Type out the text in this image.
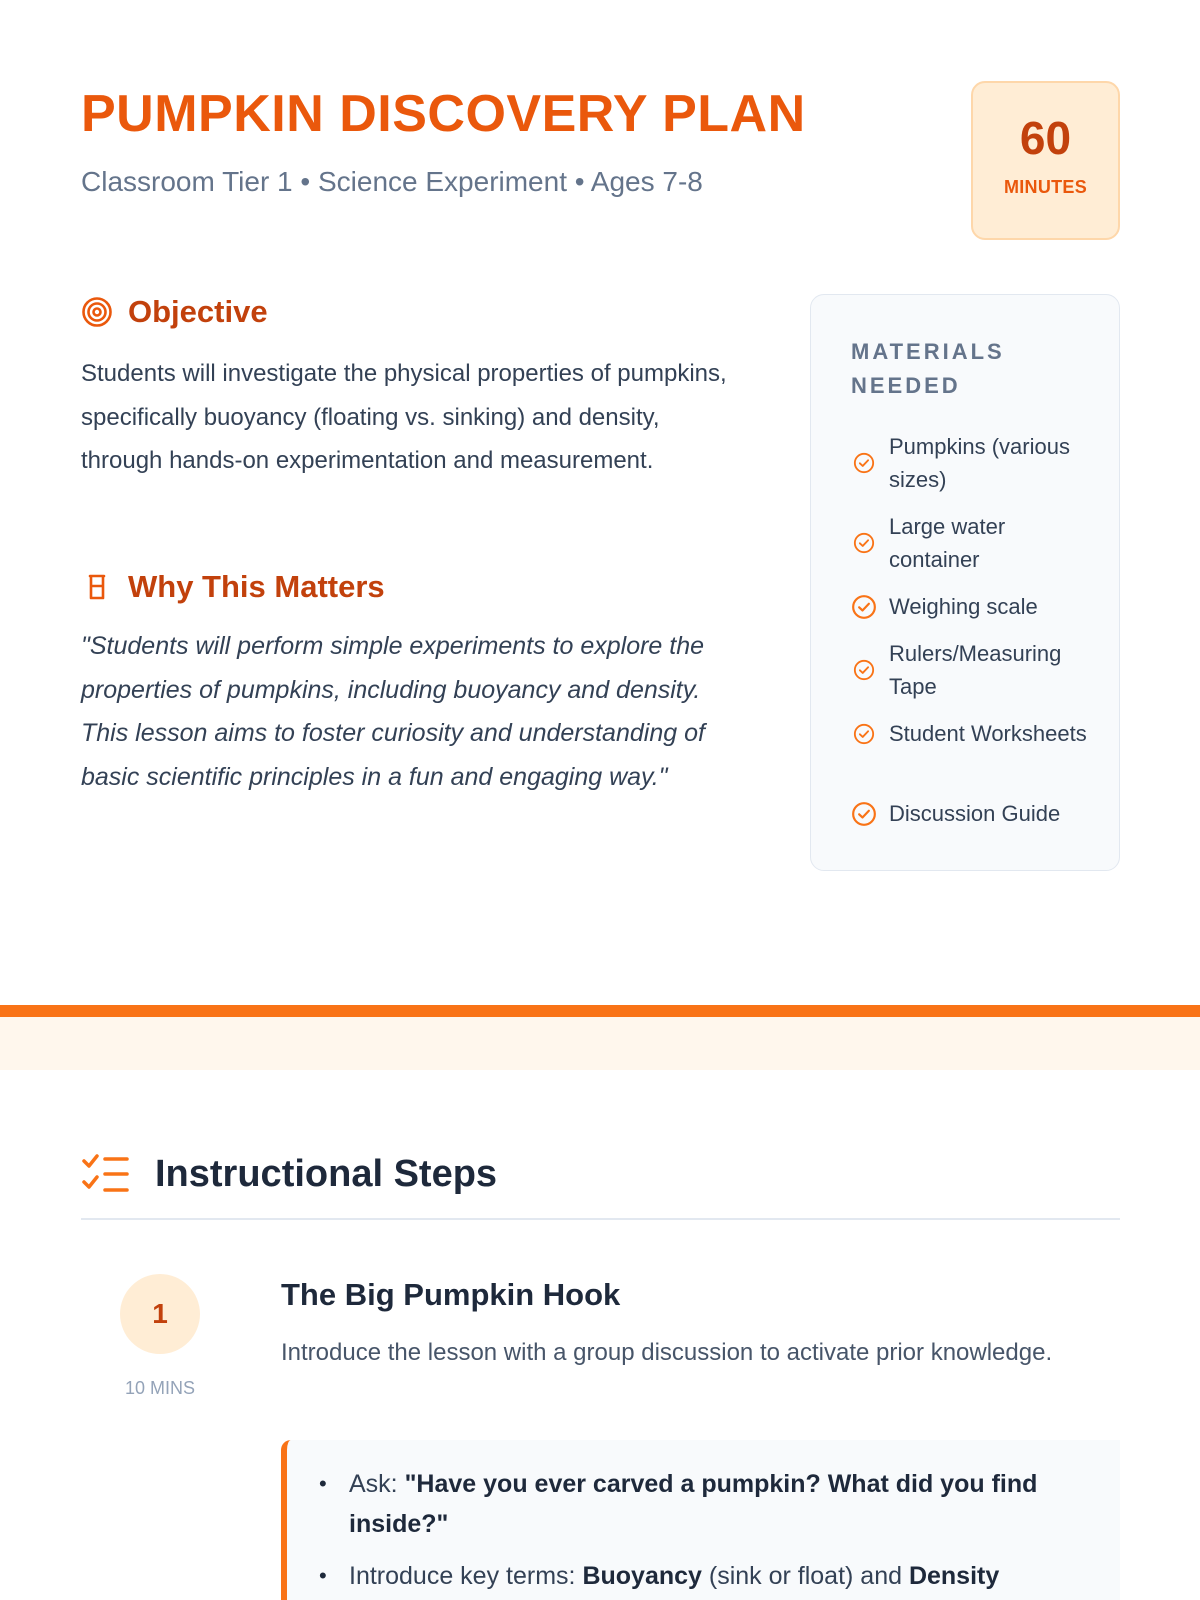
PUMPKIN DISCOVERY PLAN
Classroom Tier 1 • Science Experiment • Ages 7-8
60
MINUTES
Objective

Students will investigate the physical properties of pumpkins, specifically buoyancy (floating vs. sinking) and density, through hands-on experimentation and measurement.

Why This Matters

"Students will perform simple experiments to explore the properties of pumpkins, including buoyancy and density. This lesson aims to foster curiosity and understanding of basic scientific principles in a fun and engaging way."

MATERIALS NEEDED
Pumpkins (various sizes)
Large water container
Weighing scale
Rulers/Measuring Tape
Student Worksheets
Discussion Guide
Instructional Steps
1
10 MINS
The Big Pumpkin Hook

Introduce the lesson with a group discussion to activate prior knowledge.

• Ask: "Have you ever carved a pumpkin? What did you find inside?"
• Introduce key terms: Buoyancy (sink or float) and Density
